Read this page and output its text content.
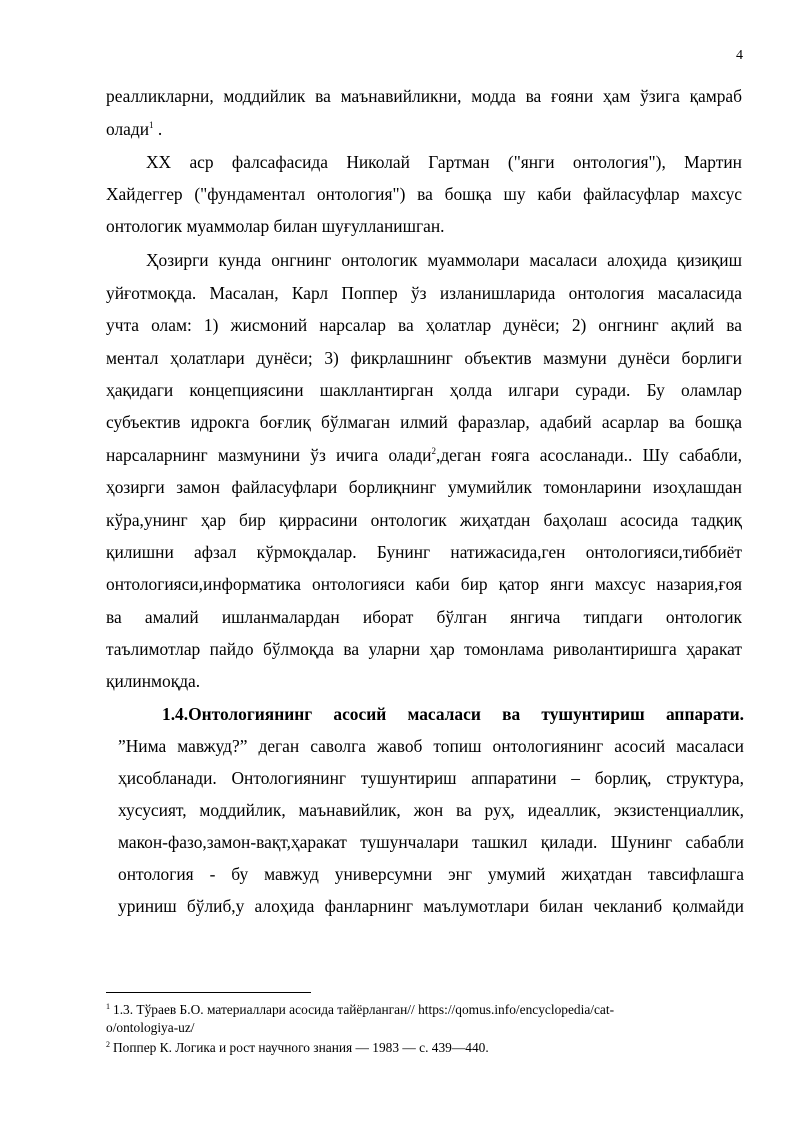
4
реалликларни, моддийлик ва маънавийликни, модда ва ғояни ҳам ўзига қамраб
олади$^1$ .
XX аср фалсафасида Николай Гартман ("янги онтология"), Мартин
Хайдеггер ("фундаментал онтология") ва бошқа шу каби файласуфлар махсус
онтологик муаммолар билан шуғулланишган.
Ҳозирги кунда онгнинг онтологик муаммолари масаласи алоҳида қизиқиш
уйғотмоқда. Масалан, Карл Поппер ўз изланишларида онтология масаласида
учта олам: 1) жисмоний нарсалар ва ҳолатлар дунёси; 2) онгнинг ақлий ва
ментал ҳолатлари дунёси; 3) фикрлашнинг объектив мазмуни дунёси борлиги
ҳақидаги концепциясини шакллантирган ҳолда илгари суради. Бу оламлар
субъектив идрокга боғлиқ бўлмаган илмий фаразлар, адабий асарлар ва бошқа
нарсаларнинг мазмунини ўз ичига олади$^2$,деган ғояга асосланади.. Шу сабабли,
ҳозирги замон файласуфлари борлиқнинг умумийлик томонларини изоҳлашдан
кўра,унинг ҳар бир қиррасини онтологик жиҳатдан баҳолаш асосида тадқиқ
қилишни афзал кўрмоқдалар. Бунинг натижасида,ген онтологияси,тиббиёт
онтологияси,информатика онтологияси каби бир қатор янги махсус назария,ғоя
ва амалий ишланмалардан иборат бўлган янгича типдаги онтологик
таълимотлар пайдо бўлмоқда ва уларни ҳар томонлама риволантиришга ҳаракат
қилинмоқда.
1.4.Онтологиянинг асосий масаласи ва тушунтириш аппарати.
”Нима мавжуд?” деган саволга жавоб топиш онтологиянинг асосий масаласи
ҳисобланади. Онтологиянинг тушунтириш аппаратини – борлиқ, структура,
хусусият, моддийлик, маънавийлик, жон ва руҳ, идеаллик, экзистенциаллик,
макон-фазо,замон-вақт,ҳаракат тушунчалари ташкил қилади. Шунинг сабабли
онтология - бу мавжуд универсумни энг умумий жиҳатдан тавсифлашга
уриниш бўлиб,у алоҳида фанларнинг маълумотлари билан чекланиб қолмайди
$^1$ 1.3. Тўраев Б.О. материаллари асосида тайёрланган// https://qomus.info/encyclopedia/cat-
o/ontologiya-uz/
$^2$ Поппер К. Логика и рост научного знания — 1983 — с. 439—440.
